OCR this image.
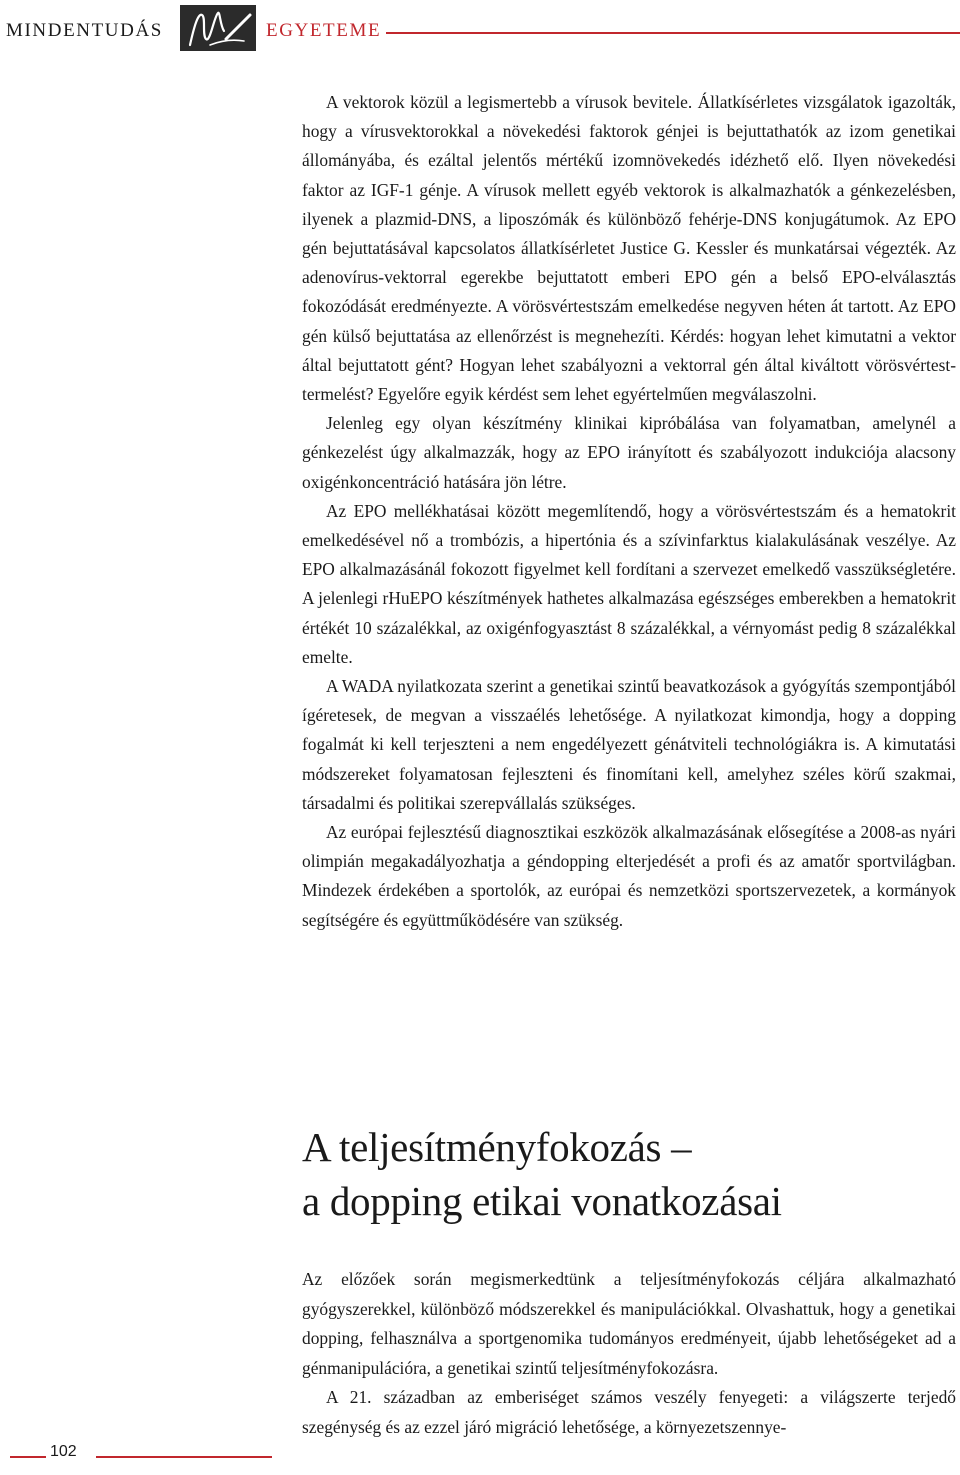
MINDENTUDÁS	EGYETEME

A vektorok közül a legismertebb a vírusok bevitele. Állatkísérletes vizsgálatok igazolták, hogy a vírusvektorokkal a növekedési faktorok génjei is bejuttathatók az izom genetikai állományába, és ezáltal jelentős mértékű izomnövekedés idézhető elő. Ilyen növekedési faktor az IGF-1 génje. A vírusok mellett egyéb vektorok is alkalmazhatók a génkezelésben, ilyenek a plazmid-DNS, a liposzómák és különböző fehérje-DNS konjugátumok. Az EPO gén bejuttatásával kapcsolatos állatkísérletet Justice G. Kessler és munkatársai végezték. Az adenovírus-vektorral egerekbe bejuttatott emberi EPO gén a belső EPO-elválasztás fokozódását eredményezte. A vörösvértestszám emelkedése negyven héten át tartott. Az EPO gén külső bejuttatása az ellenőrzést is megnehezíti. Kérdés: hogyan lehet kimutatni a vektor által bejuttatott gént? Hogyan lehet szabályozni a vektorral gén által kiváltott vörösvértest-termelést? Egyelőre egyik kérdést sem lehet egyértelműen megválaszolni.

Jelenleg egy olyan készítmény klinikai kipróbálása van folyamatban, amelynél a génkezelést úgy alkalmazzák, hogy az EPO irányított és szabályozott indukciója alacsony oxigénkoncentráció hatására jön létre.

Az EPO mellékhatásai között megemlítendő, hogy a vörösvértestszám és a hematokrit emelkedésével nő a trombózis, a hipertónia és a szívinfarktus kialakulásának veszélye. Az EPO alkalmazásánál fokozott figyelmet kell fordítani a szervezet emelkedő vasszükségletére. A jelenlegi rHuEPO készítmények hathetes alkalmazása egészséges emberekben a hematokrit értékét 10 százalékkal, az oxigénfogyasztást 8 százalékkal, a vérnyomást pedig 8 százalékkal emelte.

A WADA nyilatkozata szerint a genetikai szintű beavatkozások a gyógyítás szempontjából ígéretesek, de megvan a visszaélés lehetősége. A nyilatkozat kimondja, hogy a dopping fogalmát ki kell terjeszteni a nem engedélyezett génátviteli technológiákra is. A kimutatási módszereket folyamatosan fejleszteni és finomítani kell, amelyhez széles körű szakmai, társadalmi és politikai szerepvállalás szükséges.

Az európai fejlesztésű diagnosztikai eszközök alkalmazásának elősegítése a 2008-as nyári olimpián megakadályozhatja a géndopping elterjedését a profi és az amatőr sportvilágban. Mindezek érdekében a sportolók, az európai és nemzetközi sportszervezetek, a kormányok segítségére és együttműködésére van szükség.

A teljesítményfokozás –
a dopping etikai vonatkozásai

Az előzőek során megismerkedtünk a teljesítményfokozás céljára alkalmazható gyógyszerekkel, különböző módszerekkel és manipulációkkal. Olvashattuk, hogy a genetikai dopping, felhasználva a sportgenomika tudományos eredményeit, újabb lehetőségeket ad a génmanipulációra, a genetikai szintű teljesítményfokozásra.

A 21. században az emberiséget számos veszély fenyegeti: a világszerte terjedő szegénység és az ezzel járó migráció lehetősége, a környezetszennye-

102
